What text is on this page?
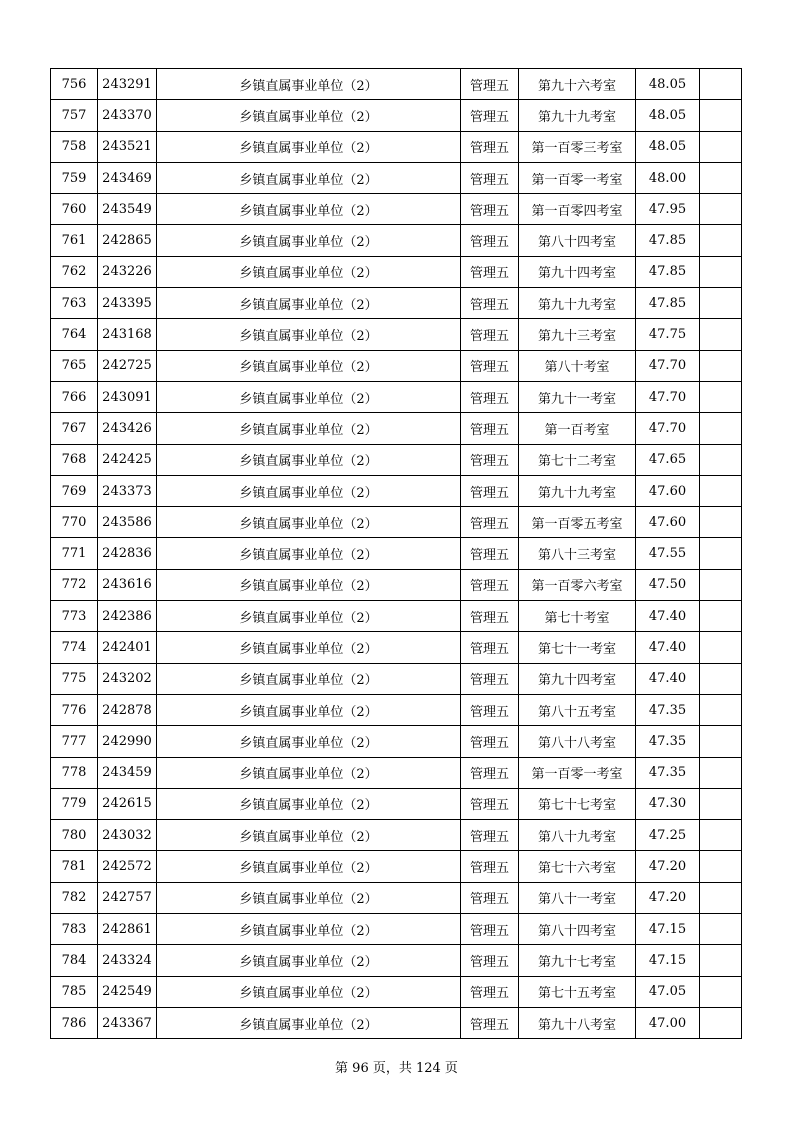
756	243291	乡镇直属事业单位（2）	管理五	第九十六考室	48.05	
757	243370	乡镇直属事业单位（2）	管理五	第九十九考室	48.05	
758	243521	乡镇直属事业单位（2）	管理五	第一百零三考室	48.05	
759	243469	乡镇直属事业单位（2）	管理五	第一百零一考室	48.00	
760	243549	乡镇直属事业单位（2）	管理五	第一百零四考室	47.95	
761	242865	乡镇直属事业单位（2）	管理五	第八十四考室	47.85	
762	243226	乡镇直属事业单位（2）	管理五	第九十四考室	47.85	
763	243395	乡镇直属事业单位（2）	管理五	第九十九考室	47.85	
764	243168	乡镇直属事业单位（2）	管理五	第九十三考室	47.75	
765	242725	乡镇直属事业单位（2）	管理五	第八十考室	47.70	
766	243091	乡镇直属事业单位（2）	管理五	第九十一考室	47.70	
767	243426	乡镇直属事业单位（2）	管理五	第一百考室	47.70	
768	242425	乡镇直属事业单位（2）	管理五	第七十二考室	47.65	
769	243373	乡镇直属事业单位（2）	管理五	第九十九考室	47.60	
770	243586	乡镇直属事业单位（2）	管理五	第一百零五考室	47.60	
771	242836	乡镇直属事业单位（2）	管理五	第八十三考室	47.55	
772	243616	乡镇直属事业单位（2）	管理五	第一百零六考室	47.50	
773	242386	乡镇直属事业单位（2）	管理五	第七十考室	47.40	
774	242401	乡镇直属事业单位（2）	管理五	第七十一考室	47.40	
775	243202	乡镇直属事业单位（2）	管理五	第九十四考室	47.40	
776	242878	乡镇直属事业单位（2）	管理五	第八十五考室	47.35	
777	242990	乡镇直属事业单位（2）	管理五	第八十八考室	47.35	
778	243459	乡镇直属事业单位（2）	管理五	第一百零一考室	47.35	
779	242615	乡镇直属事业单位（2）	管理五	第七十七考室	47.30	
780	243032	乡镇直属事业单位（2）	管理五	第八十九考室	47.25	
781	242572	乡镇直属事业单位（2）	管理五	第七十六考室	47.20	
782	242757	乡镇直属事业单位（2）	管理五	第八十一考室	47.20	
783	242861	乡镇直属事业单位（2）	管理五	第八十四考室	47.15	
784	243324	乡镇直属事业单位（2）	管理五	第九十七考室	47.15	
785	242549	乡镇直属事业单位（2）	管理五	第七十五考室	47.05	
786	243367	乡镇直属事业单位（2）	管理五	第九十八考室	47.00	
第 96 页，共 124 页
